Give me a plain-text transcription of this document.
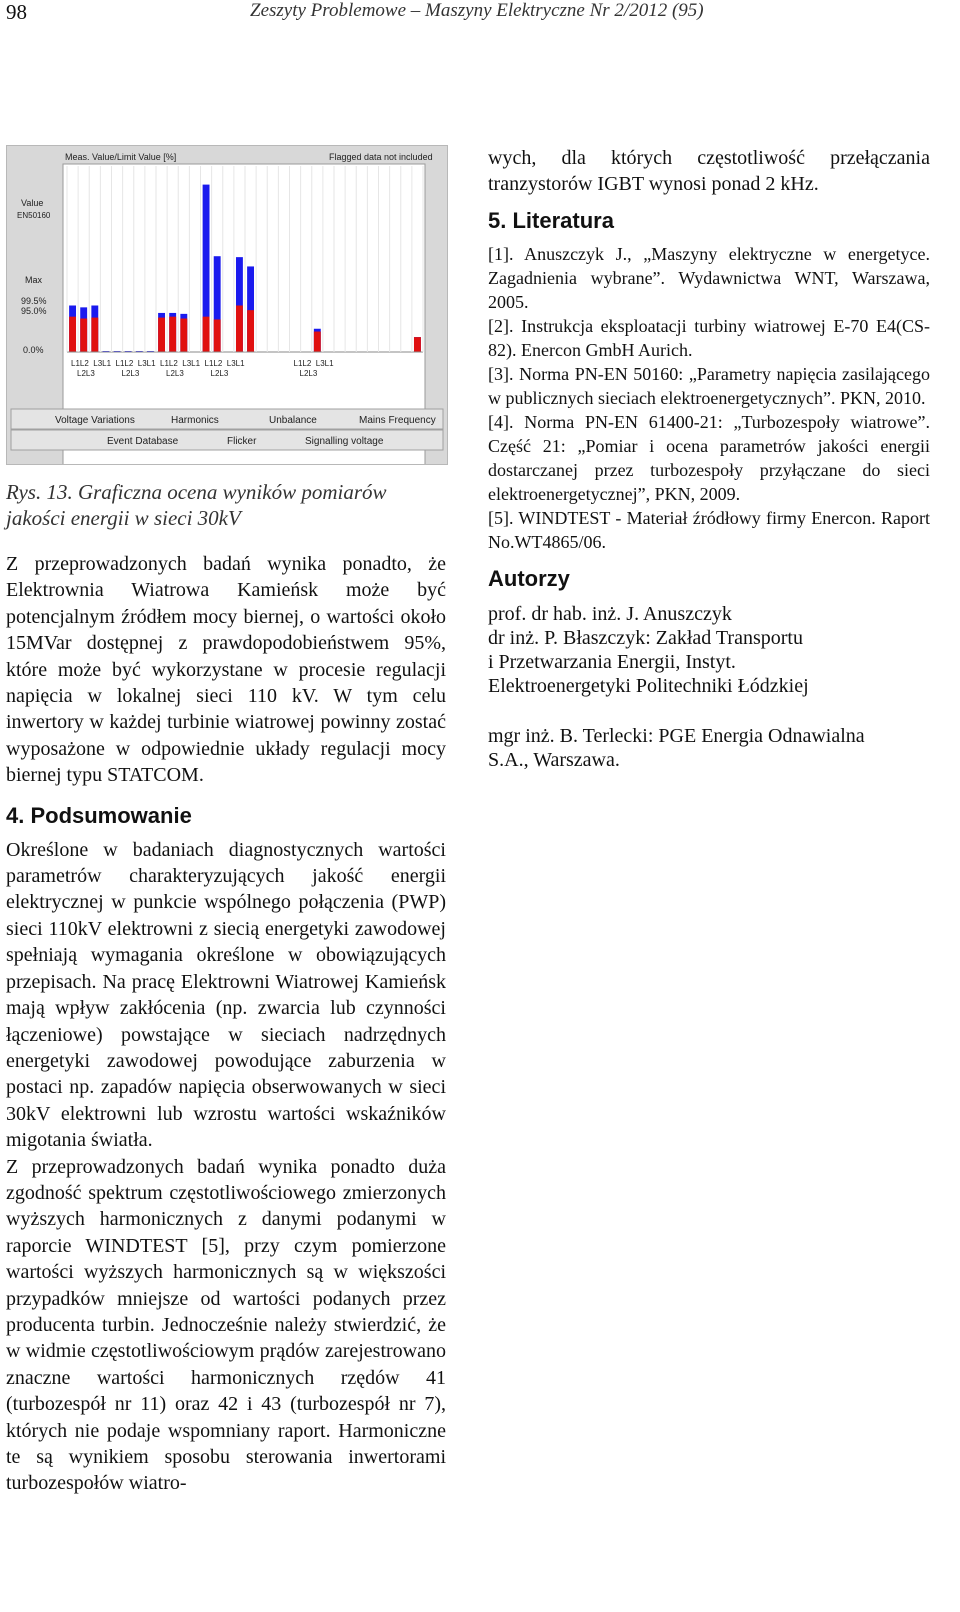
98	Zeszyty Problemowe – Maszyny Elektryczne Nr 2/2012 (95)
Meas. Value/Limit Value [%]	Flagged data not included
Value
EN50160
Max
99.5%
95.0%
0.0%
L1L2
L2L3
L3L1 L1L2
L2L3
L3L1 L1L2
L2L3
L3L1 L1L2
L2L3
L3L1	L1L2
L2L3
L3L1
Voltage Variations	Harmonics	Unbalance	Mains Frequency
Event Database	Flicker	Signalling voltage
Rys. 13. Graficzna ocena wyników pomiarów jakości energii w sieci 30kV

Z przeprowadzonych badań wynika ponadto, że Elektrownia Wiatrowa Kamieńsk może być potencjalnym źródłem mocy biernej, o wartości około 15MVar dostępnej z prawdopodobieństwem 95%, które może być wykorzystane w procesie regulacji napięcia w lokalnej sieci 110 kV. W tym celu inwertory w każdej turbinie wiatrowej powinny zostać wyposażone w odpowiednie układy regulacji mocy biernej typu STATCOM.

4. Podsumowanie

Określone w badaniach diagnostycznych wartości parametrów charakteryzujących jakość energii elektrycznej w punkcie wspólnego połączenia (PWP) sieci 110kV elektrowni z siecią energetyki zawodowej spełniają wymagania określone w obowiązujących przepisach. Na pracę Elektrowni Wiatrowej Kamieńsk mają wpływ zakłócenia (np. zwarcia lub czynności łączeniowe) powstające w sieciach nadrzędnych energetyki zawodowej powodujące zaburzenia w postaci np. zapadów napięcia obserwowanych w sieci 30kV elektrowni lub wzrostu wartości wskaźników migotania światła.

Z przeprowadzonych badań wynika ponadto duża zgodność spektrum częstotliwościowego zmierzonych wyższych harmonicznych z danymi podanymi w raporcie WINDTEST [5], przy czym pomierzone wartości wyższych harmonicznych są w większości przypadków mniejsze od wartości podanych przez producenta turbin. Jednocześnie należy stwierdzić, że w widmie częstotliwościowym prądów zarejestrowano znaczne wartości harmonicznych rzędów 41 (turbozespół nr 11) oraz 42 i 43 (turbozespół nr 7), których nie podaje wspomniany raport. Harmoniczne te są wynikiem sposobu sterowania inwertorami turbozespołów wiatro-

wych, dla których częstotliwość przełączania tranzystorów IGBT wynosi ponad 2 kHz.

5. Literatura

[1]. Anuszczyk J., „Maszyny elektryczne w energetyce. Zagadnienia wybrane”. Wydawnictwa WNT, Warszawa, 2005.

[2]. Instrukcja eksploatacji turbiny wiatrowej E-70 E4(CS-82). Enercon GmbH Aurich.

[3]. Norma PN-EN 50160: „Parametry napięcia zasilającego w publicznych sieciach elektroenergetycznych”. PKN, 2010.

[4]. Norma PN-EN 61400-21: „Turbozespoły wiatrowe”. Część 21: „Pomiar i ocena parametrów jakości energii dostarczanej przez turbozespoły przyłączane do sieci elektroenergetycznej”, PKN, 2009.

[5]. WINDTEST - Materiał źródłowy firmy Enercon. Raport No.WT4865/06.

Autorzy

prof. dr hab. inż. J. Anuszczyk

dr inż. P. Błaszczyk: Zakład Transportu

i Przetwarzania Energii, Instyt.

Elektroenergetyki Politechniki Łódzkiej

mgr inż. B. Terlecki: PGE Energia Odnawialna

S.A., Warszawa.
